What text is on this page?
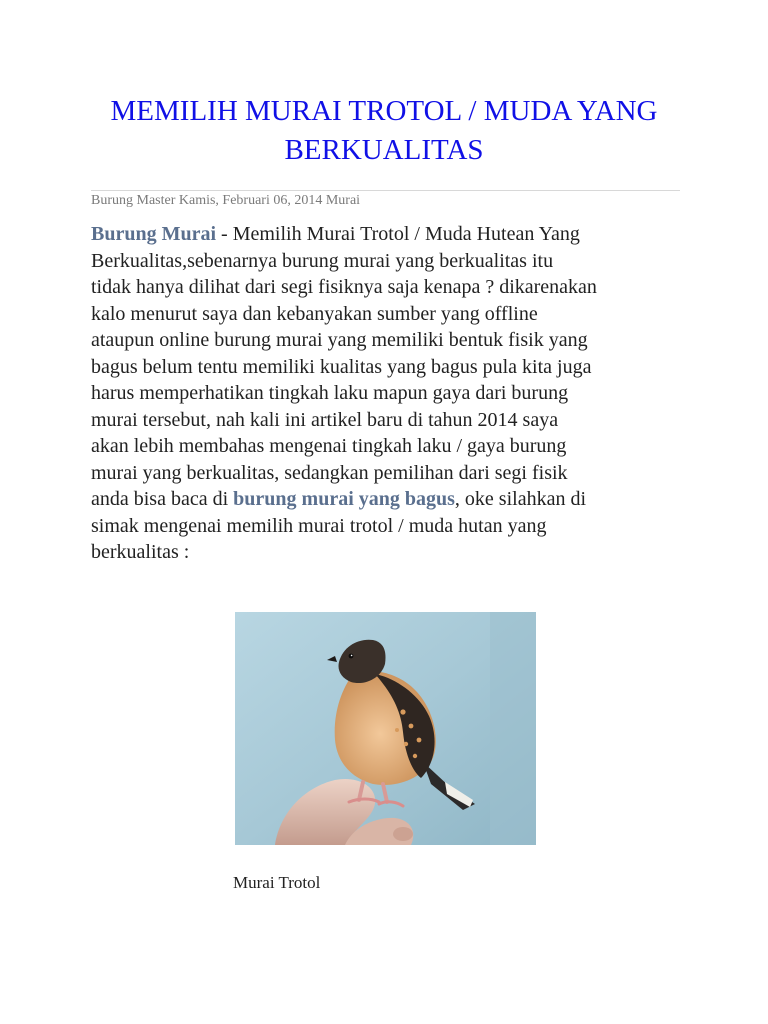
MEMILIH MURAI TROTOL / MUDA YANG
BERKUALITAS
Burung Master Kamis, Februari 06, 2014 Murai

Burung Murai - Memilih Murai Trotol / Muda Hutean Yang
Berkualitas,sebenarnya burung murai yang berkualitas itu
tidak hanya dilihat dari segi fisiknya saja kenapa ? dikarenakan
kalo menurut saya dan kebanyakan sumber yang offline
ataupun online burung murai yang memiliki bentuk fisik yang
bagus belum tentu memiliki kualitas yang bagus pula kita juga
harus memperhatikan tingkah laku mapun gaya dari burung
murai tersebut, nah kali ini artikel baru di tahun 2014 saya
akan lebih membahas mengenai tingkah laku / gaya burung
murai yang berkualitas, sedangkan pemilihan dari segi fisik
anda bisa baca di burung murai yang bagus, oke silahkan di
simak mengenai memilih murai trotol / muda hutan yang
berkualitas :

Murai Trotol
